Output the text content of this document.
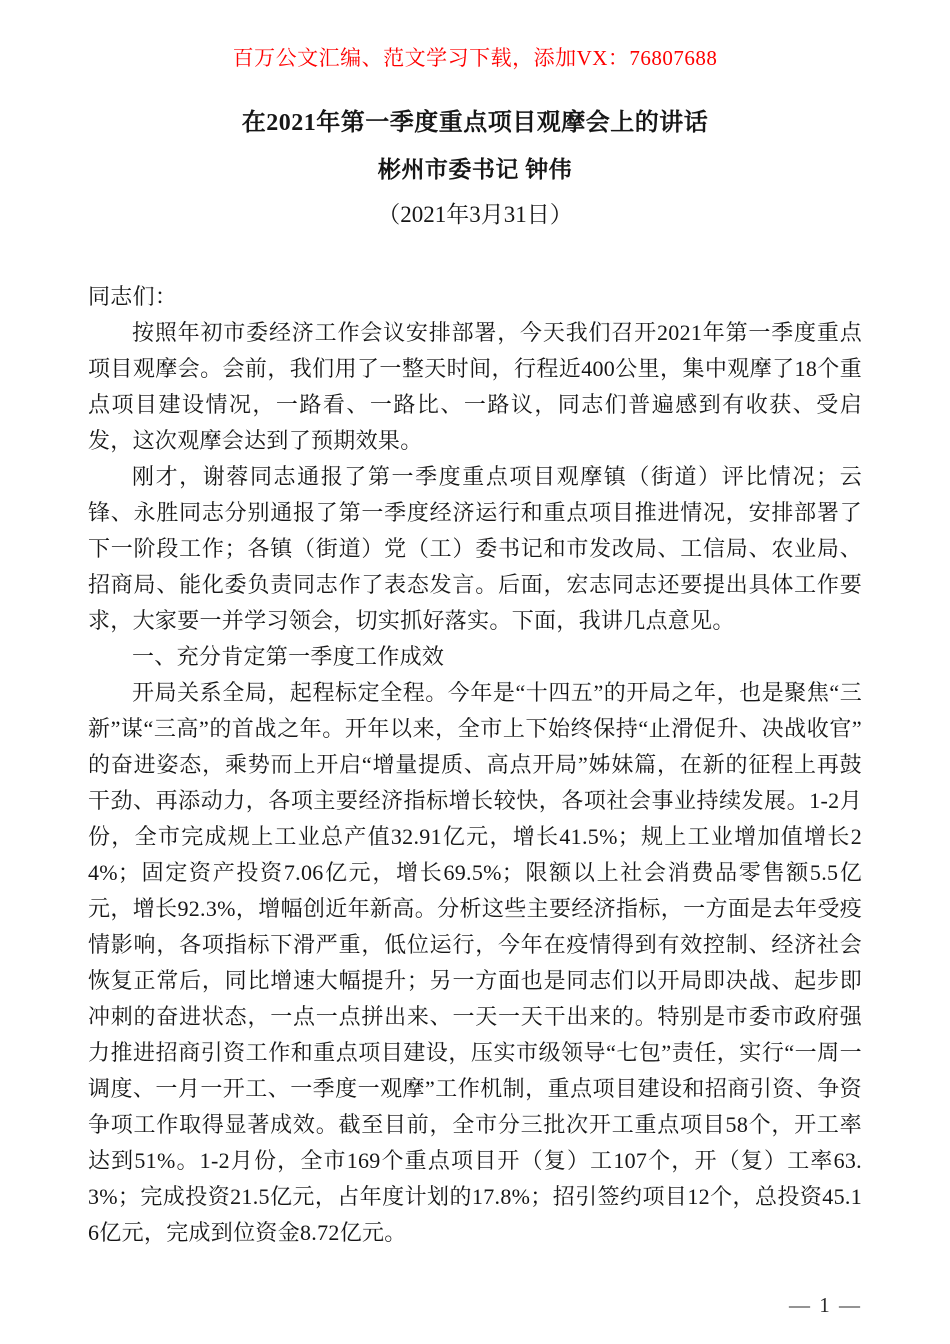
百万公文汇编、范文学习下载，添加VX：76807688
在2021年第一季度重点项目观摩会上的讲话
彬州市委书记 钟伟
（2021年3月31日）

同志们：

按照年初市委经济工作会议安排部署，今天我们召开2021年第一季度重点项目观摩会。会前，我们用了一整天时间，行程近400公里，集中观摩了18个重点项目建设情况，一路看、一路比、一路议，同志们普遍感到有收获、受启发，这次观摩会达到了预期效果。

刚才，谢蓉同志通报了第一季度重点项目观摩镇（街道）评比情况；云锋、永胜同志分别通报了第一季度经济运行和重点项目推进情况，安排部署了下一阶段工作；各镇（街道）党（工）委书记和市发改局、工信局、农业局、招商局、能化委负责同志作了表态发言。后面，宏志同志还要提出具体工作要求，大家要一并学习领会，切实抓好落实。下面，我讲几点意见。

一、充分肯定第一季度工作成效

开局关系全局，起程标定全程。今年是“十四五”的开局之年，也是聚焦“三新”谋“三高”的首战之年。开年以来，全市上下始终保持“止滑促升、决战收官”的奋进姿态，乘势而上开启“增量提质、高点开局”姊妹篇，在新的征程上再鼓干劲、再添动力，各项主要经济指标增长较快，各项社会事业持续发展。1-2月份，全市完成规上工业总产值32.91亿元，增长41.5%；规上工业增加值增长24%；固定资产投资7.06亿元，增长69.5%；限额以上社会消费品零售额5.5亿元，增长92.3%，增幅创近年新高。分析这些主要经济指标，一方面是去年受疫情影响，各项指标下滑严重，低位运行，今年在疫情得到有效控制、经济社会恢复正常后，同比增速大幅提升；另一方面也是同志们以开局即决战、起步即冲刺的奋进状态，一点一点拼出来、一天一天干出来的。特别是市委市政府强力推进招商引资工作和重点项目建设，压实市级领导“七包”责任，实行“一周一调度、一月一开工、一季度一观摩”工作机制，重点项目建设和招商引资、争资争项工作取得显著成效。截至目前，全市分三批次开工重点项目58个，开工率达到51%。1-2月份，全市169个重点项目开（复）工107个，开（复）工率63.3%；完成投资21.5亿元，占年度计划的17.8%；招引签约项目12个，总投资45.16亿元，完成到位资金8.72亿元。

— 1 —
